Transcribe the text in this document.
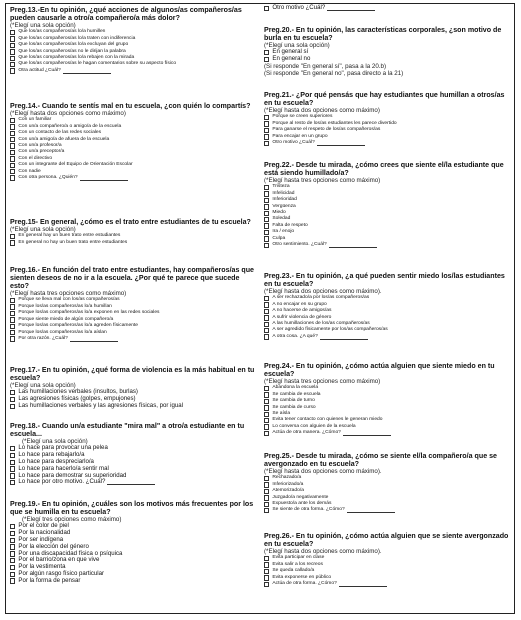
Preg.13.-En tu opinión, ¿qué acciones de algunos/as compañeros/as pueden causarle a otro/a compañero/a más dolor?

(*Elegí una sola opción)

Que los/as compañeros/as lo/a humillen
Que los/as compañeros/as lo/a traten con indiferencia
Que los/as compañeros/as lo/a excluyan del grupo
Que los/as compañeros/as no le dirijan la palabra
Que los/as compañeros/as lo/a rebajen con la mirada
Que los/as compañeros/as le hagan comentarios sobre su aspecto físico
Otra actitud ¿Cuál?

Preg.14.- Cuando te sentís mal en tu escuela, ¿con quién lo compartís?

(*Elegí hasta dos opciones como máximo)

Con un familiar
Con un/a compañero/a o amigo/a de la escuela
Con un contacto de las redes sociales
Con un/a amigo/a de afuera de la escuela
Con un/a profesor/a
Con un/a preceptor/a
Con el directivo
Con un integrante del Equipo de Orientación Escolar
Con nadie
Con otra persona. ¿Quién?

Preg.15- En general, ¿cómo es el trato entre estudiantes de tu escuela?

(*Elegí una sola opción)

En general hay un buen trato entre estudiantes
En general no hay un buen trato entre estudiantes

Preg.16.- En función del trato entre estudiantes, hay compañeros/as que sienten deseos de no ir a la escuela. ¿Por qué te parece que sucede esto?

(*Elegí hasta tres opciones como máximo)

Porque se lleva mal con los/as compañeros/as
Porque los/as compañeros/as lo/a humillan
Porque los/as compañeros/as lo/a exponen en las redes sociales
Porque siente miedo de algún compañero/a
Porque los/as compañeros/as lo/a agreden físicamente
Porque los/as compañeros/as lo/a aíslan
Por otra razón. ¿Cuál?

Preg.17.- En tu opinión, ¿qué forma de violencia es la más habitual en tu escuela?

(*Elegí una sola opción)

Las humillaciones verbales (insultos, burlas)
Las agresiones físicas (golpes, empujones)
Las humillaciones verbales y las agresiones físicas, por igual

Preg.18.- Cuando un/a estudiante "mira mal" a otro/a estudiante en tu escuela...

(*Elegí una sola opción)

Lo hace para provocar una pelea
Lo hace para rebajarlo/a
Lo hace para despreciarlo/a
Lo hace para hacerlo/a sentir mal
Lo hace para demostrar su superioridad
Lo hace por otro motivo. ¿Cuál?

Preg.19.- En tu opinión, ¿cuáles son los motivos más frecuentes por los que se humilla en tu escuela?

(*Elegí tres opciones como máximo)

Por el color de piel
Por la nacionalidad
Por ser indígena
Por la elección del género
Por una discapacidad física o psíquica
Por el barrio/zona en que vive
Por la vestimenta
Por algún rasgo físico particular
Por la forma de pensar
Otro motivo ¿Cuál?

Preg.20.- En tu opinión, las características corporales, ¿son motivo de burla en tu escuela?

(*Elegí una sola opción)

En general sí
En general no

(Si responde "En general sí", pasa a la 20.b)

(Si responde "En general no", pasa directo a la 21)

Preg.21.- ¿Por qué pensás que hay estudiantes que humillan a otros/as en tu escuela?

(*Elegí hasta dos opciones como máximo)

Porque se creen superiores
Porque al resto de los/as estudiantes les parece divertido
Para ganarse el respeto de los/as compañeros/as
Para encajar en un grupo
Otro motivo ¿Cuál?

Preg.22.- Desde tu mirada, ¿cómo crees que siente el/la estudiante que está siendo humillado/a?

(*Elegí hasta tres opciones como máximo)

Tristeza
Infelicidad
Inferioridad
Vergüenza
Miedo
Soledad
Falta de respeto
Ira / enojo
Culpa
Otro sentimiento. ¿Cuál?

Preg.23.- En tu opinión, ¿a qué pueden sentir miedo los/las estudiantes en tu escuela?

(*Elegí hasta dos opciones como máximo).

A ser rechazado/a por los/as compañeros/as
A no encajar en su grupo
A no hacerse de amigos/as
A sufrir violencia de género
A las humillaciones de los/as compañeros/as
A ser agredido físicamente por los/as compañeros/as
A otra cosa. ¿A qué?

Preg.24.- En tu opinión, ¿cómo actúa alguien que siente miedo en tu escuela?

(*Elegí hasta tres opciones como máximo)

Abandona la escuela
Se cambia de escuela
Se cambia de turno
Se cambia de curso
Se aísla
Evita tener contacto con quienes le generan miedo
Lo conversa con alguien de la escuela
Actúa de otra manera. ¿Cómo?

Preg.25.- Desde tu mirada, ¿cómo se siente el/la compañero/a que se avergonzado en tu escuela?

(*Elegí hasta dos opciones como máximo).

Rechazado/a
Inferiorizado/a
Atemorizado/a
Juzgado/a negativamente
Expuesto/a ante los demás
Se siente de otra forma. ¿Cómo?

Preg.26.- En tu opinión, ¿cómo actúa alguien que se siente avergonzado en tu escuela?

(*Elegí hasta dos opciones como máximo).

Evita participar en clase
Evita salir a los recreos
Se queda callado/a
Evita exponerse en público
Actúa de otra forma. ¿Cómo?
